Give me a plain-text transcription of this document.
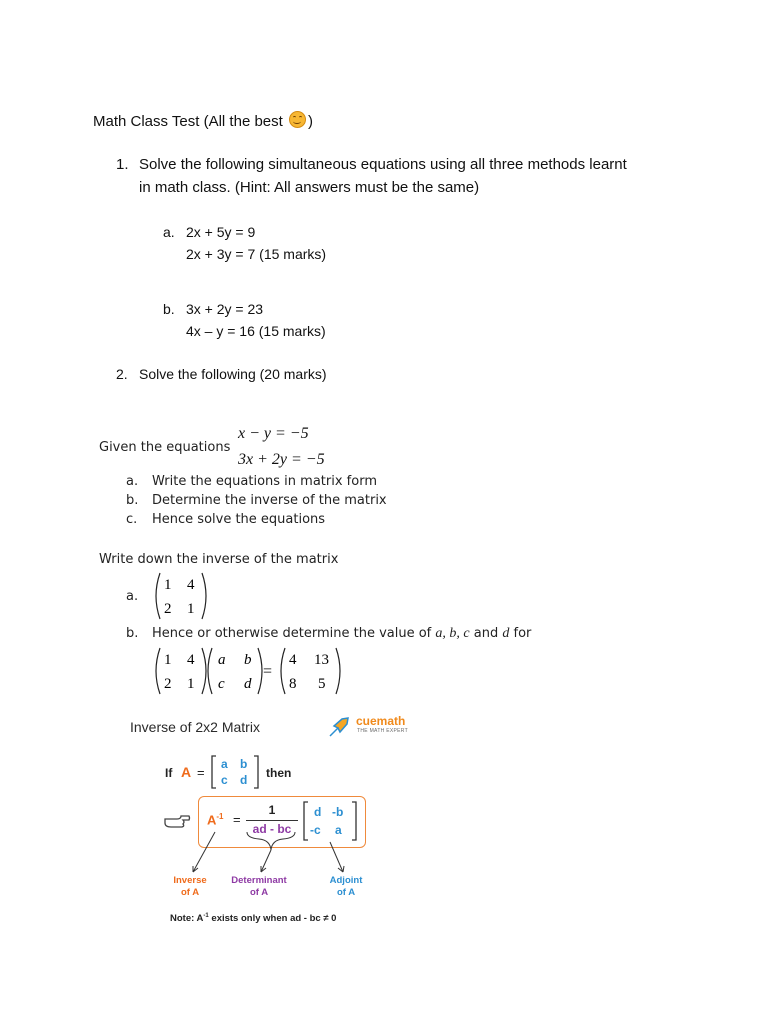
Math Class Test (All the best )
1. Solve the following simultaneous equations using all three methods learnt
in math class. (Hint: All answers must be the same)
a. 2x + 5y = 9
2x + 3y = 7 (15 marks)
b. 3x + 2y = 23
4x – y = 16 (15 marks)
2. Solve the following (20 marks)
Given the equations
x − y = −5
3x + 2y = −5
a. Write the equations in matrix form
b. Determine the inverse of the matrix
c. Hence solve the equations
Write down the inverse of the matrix
a.
1 4
2 1
b. Hence or otherwise determine the value of a, b, c and d for
1 4
2 1
a b
c d
=
4 13
8 5
Inverse of 2x2 Matrix	cuemath
THE MATH EXPERT
If A =
a b
c d then
$A^{-1}$ =
1
ad - bc
d -b
-c a
Inverse
of A
Determinant
of A
Adjoint
of A
Note: $A^{-1}$ exists only when ad - bc ≠ 0
